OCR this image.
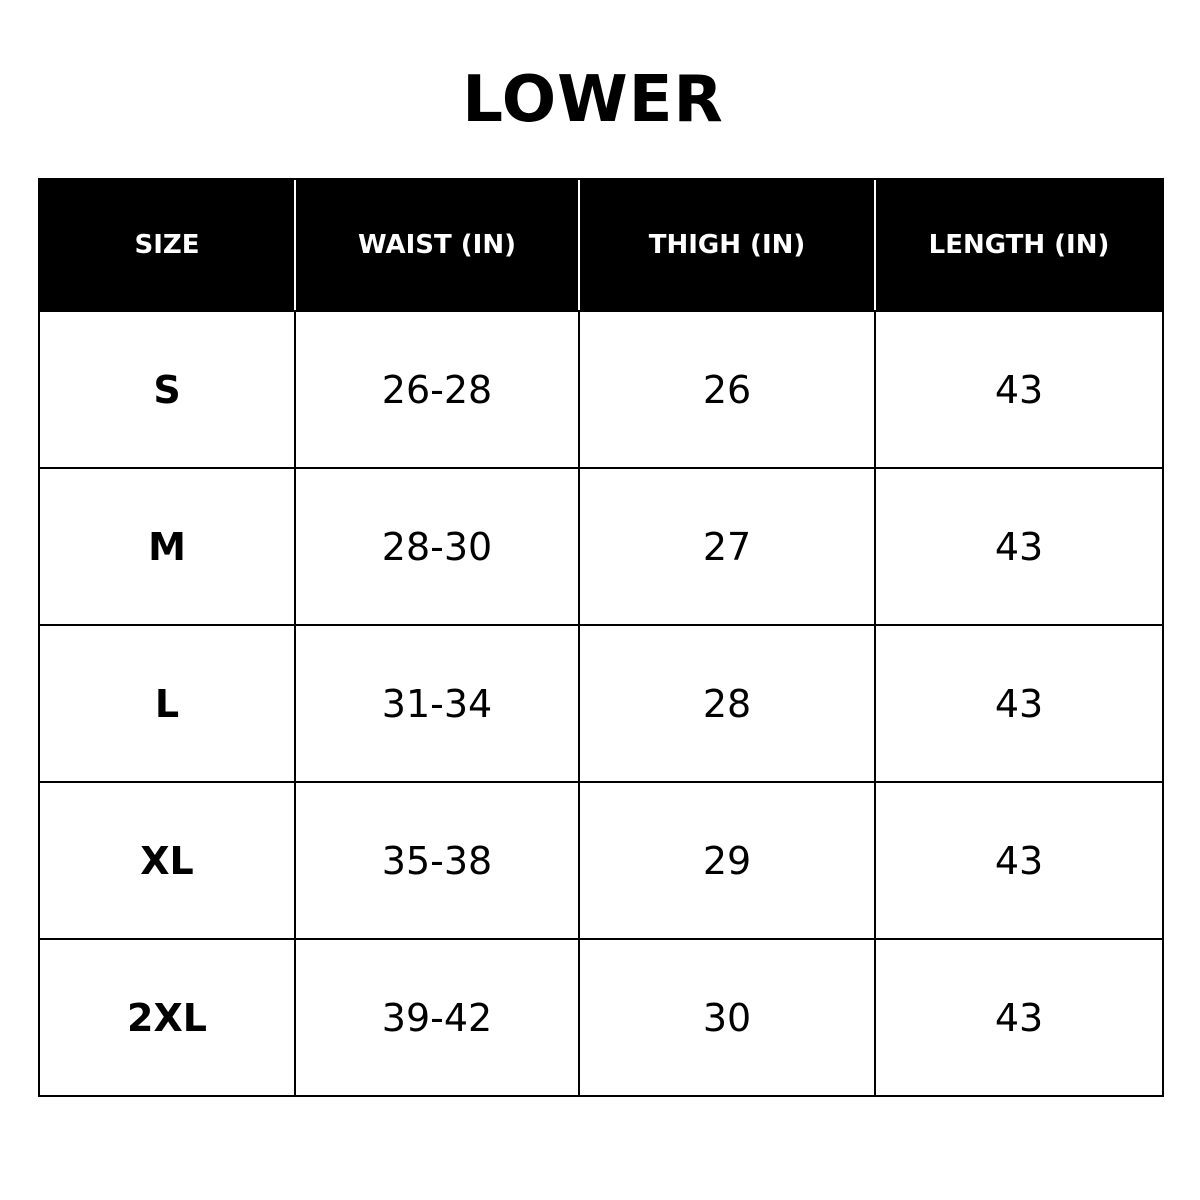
LOWER
SIZE	WAIST (IN)	THIGH (IN)	LENGTH (IN)
S	26-28	26	43
M	28-30	27	43
L	31-34	28	43
XL	35-38	29	43
2XL	39-42	30	43
